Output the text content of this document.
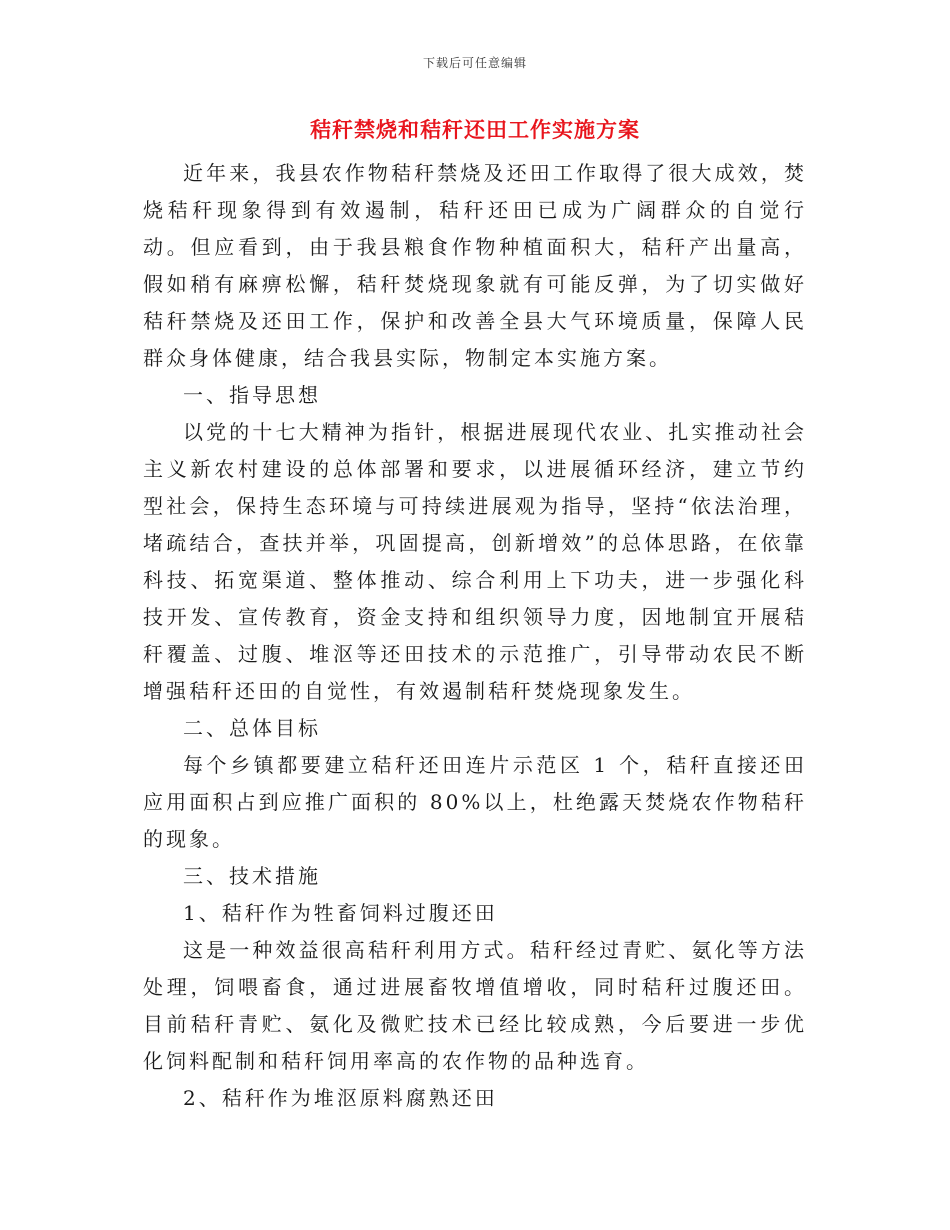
下载后可任意编辑
秸秆禁烧和秸秆还田工作实施方案

近年来，我县农作物秸秆禁烧及还田工作取得了很大成效，焚烧秸秆现象得到有效遏制，秸秆还田已成为广阔群众的自觉行动。但应看到，由于我县粮食作物种植面积大，秸秆产出量高，假如稍有麻痹松懈，秸秆焚烧现象就有可能反弹，为了切实做好秸秆禁烧及还田工作，保护和改善全县大气环境质量，保障人民群众身体健康，结合我县实际，物制定本实施方案。

一、指导思想

以党的十七大精神为指针，根据进展现代农业、扎实推动社会主义新农村建设的总体部署和要求，以进展循环经济，建立节约型社会，保持生态环境与可持续进展观为指导，坚持“依法治理，堵疏结合，查扶并举，巩固提高，创新增效”的总体思路，在依靠科技、拓宽渠道、整体推动、综合利用上下功夫，进一步强化科技开发、宣传教育，资金支持和组织领导力度，因地制宜开展秸秆覆盖、过腹、堆沤等还田技术的示范推广，引导带动农民不断增强秸秆还田的自觉性，有效遏制秸秆焚烧现象发生。

二、总体目标

每个乡镇都要建立秸秆还田连片示范区 1 个，秸秆直接还田应用面积占到应推广面积的 80%以上，杜绝露天焚烧农作物秸秆的现象。

三、技术措施

1、秸秆作为牲畜饲料过腹还田

这是一种效益很高秸秆利用方式。秸秆经过青贮、氨化等方法处理，饲喂畜食，通过进展畜牧增值增收，同时秸秆过腹还田。目前秸秆青贮、氨化及微贮技术已经比较成熟，今后要进一步优化饲料配制和秸秆饲用率高的农作物的品种选育。

2、秸秆作为堆沤原料腐熟还田
